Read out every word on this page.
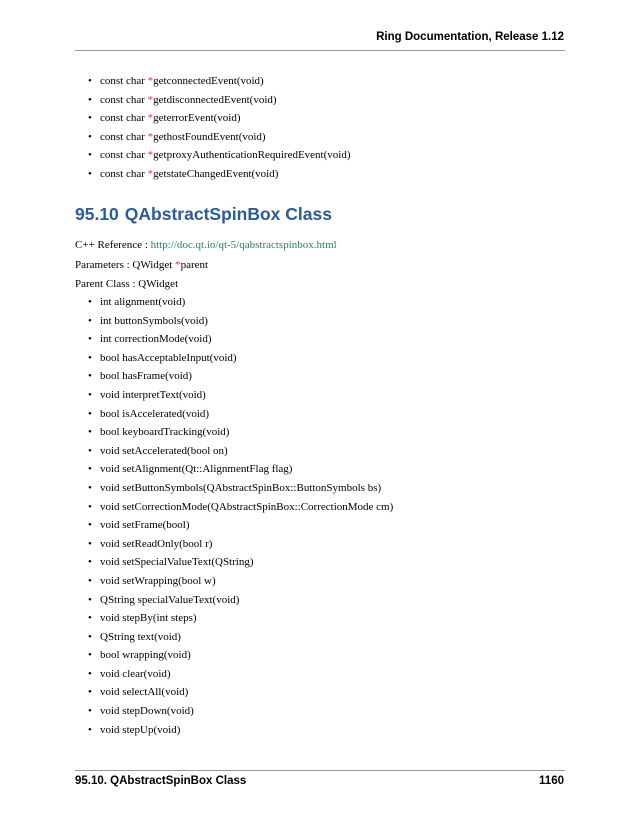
Ring Documentation, Release 1.12
• const char *getconnectedEvent(void)
• const char *getdisconnectedEvent(void)
• const char *geterrorEvent(void)
• const char *gethostFoundEvent(void)
• const char *getproxyAuthenticationRequiredEvent(void)
• const char *getstateChangedEvent(void)
95.10 QAbstractSpinBox Class
C++ Reference : http://doc.qt.io/qt-5/qabstractspinbox.html
Parameters : QWidget *parent
Parent Class : QWidget
• int alignment(void)
• int buttonSymbols(void)
• int correctionMode(void)
• bool hasAcceptableInput(void)
• bool hasFrame(void)
• void interpretText(void)
• bool isAccelerated(void)
• bool keyboardTracking(void)
• void setAccelerated(bool on)
• void setAlignment(Qt::AlignmentFlag flag)
• void setButtonSymbols(QAbstractSpinBox::ButtonSymbols bs)
• void setCorrectionMode(QAbstractSpinBox::CorrectionMode cm)
• void setFrame(bool)
• void setReadOnly(bool r)
• void setSpecialValueText(QString)
• void setWrapping(bool w)
• QString specialValueText(void)
• void stepBy(int steps)
• QString text(void)
• bool wrapping(void)
• void clear(void)
• void selectAll(void)
• void stepDown(void)
• void stepUp(void)
95.10. QAbstractSpinBox Class	1160
